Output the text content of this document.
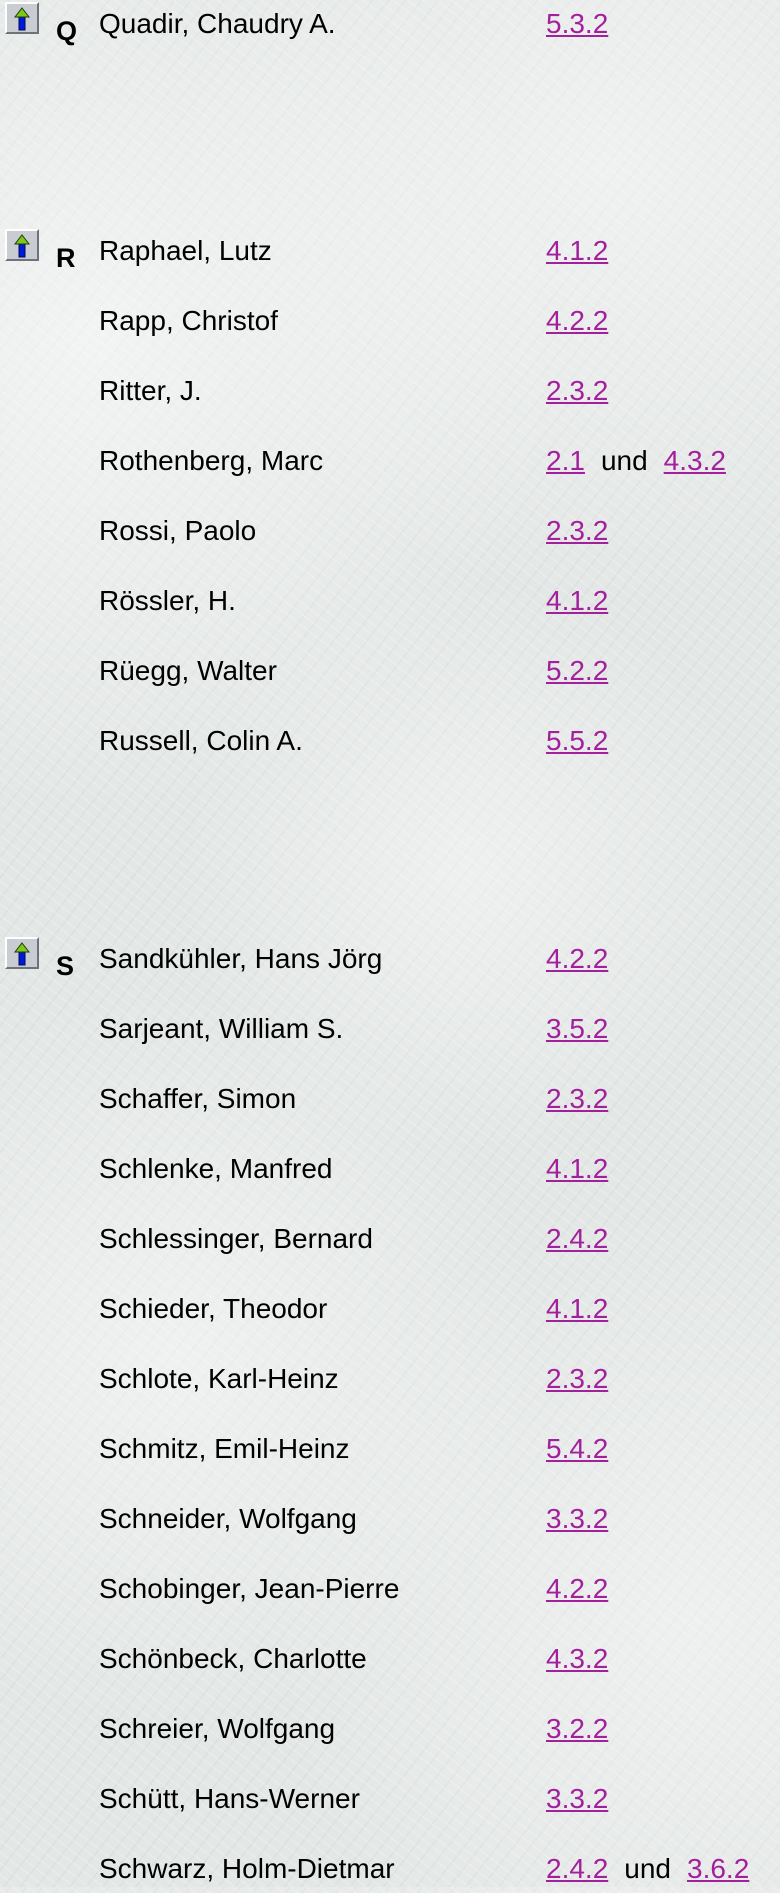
Q Quadir, Chaudry A.	5.3.2
R Raphael, Lutz	4.1.2
Rapp, Christof	4.2.2
Ritter, J.	2.3.2
Rothenberg, Marc	2.1 und 4.3.2
Rossi, Paolo	2.3.2
Rössler, H.	4.1.2
Rüegg, Walter	5.2.2
Russell, Colin A.	5.5.2
S Sandkühler, Hans Jörg	4.2.2
Sarjeant, William S.	3.5.2
Schaffer, Simon	2.3.2
Schlenke, Manfred	4.1.2
Schlessinger, Bernard	2.4.2
Schieder, Theodor	4.1.2
Schlote, Karl-Heinz	2.3.2
Schmitz, Emil-Heinz	5.4.2
Schneider, Wolfgang	3.3.2
Schobinger, Jean-Pierre	4.2.2
Schönbeck, Charlotte	4.3.2
Schreier, Wolfgang	3.2.2
Schütt, Hans-Werner	3.3.2
Schwarz, Holm-Dietmar	2.4.2 und 3.6.2
